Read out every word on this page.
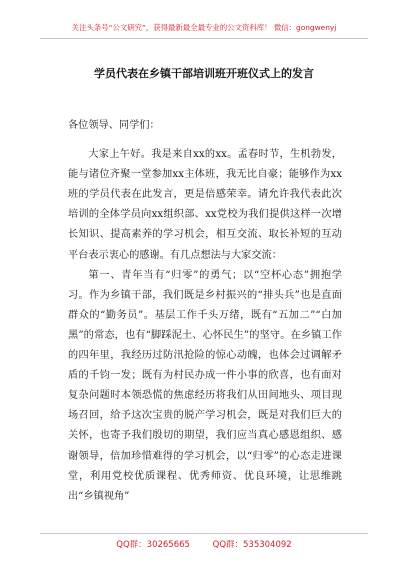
关注头条号“公文研究”，获得最新最全最专业的公文资料库！ 微信：gongwenyj
学员代表在乡镇干部培训班开班仪式上的发言

各位领导、同学们：

大家上午好。我是来自xx的xx。孟春时节，生机勃发，能与诸位齐聚一堂参加xx主体班，我无比自豪；能够作为xx班的学员代表在此发言，更是倍感荣幸。请允许我代表此次培训的全体学员向xx组织部、xx党校为我们提供这样一次增长知识、提高素养的学习机会，相互交流、取长补短的互动平台表示衷心的感谢。有几点想法与大家交流：

第一、青年当有“归零”的勇气；以“空杯心态”拥抱学习。作为乡镇干部，我们既是乡村振兴的“排头兵”也是直面群众的“勤务员”。基层工作千头万绪，既有“五加二”“白加黑”的常态，也有“脚踩泥土、心怀民生”的坚守。在乡镇工作的四年里，我经历过防汛抢险的惊心动魄，也体会过调解矛盾的千钧一发；既有为村民办成一件小事的欣喜，也有面对复杂问题时本领恐慌的焦虑经历将我们从田间地头、项目现场召回，给予这次宝贵的脱产学习机会，既是对我们巨大的关怀，也寄予我们殷切的期望，我们应当真心感恩组织、感谢领导，倍加珍惜难得的学习机会，以“归零”的心态走进课堂，利用党校优质课程、优秀师资、优良环境，让思维跳出“乡镇视角”

QQ群：30265665	QQ群：535304092
